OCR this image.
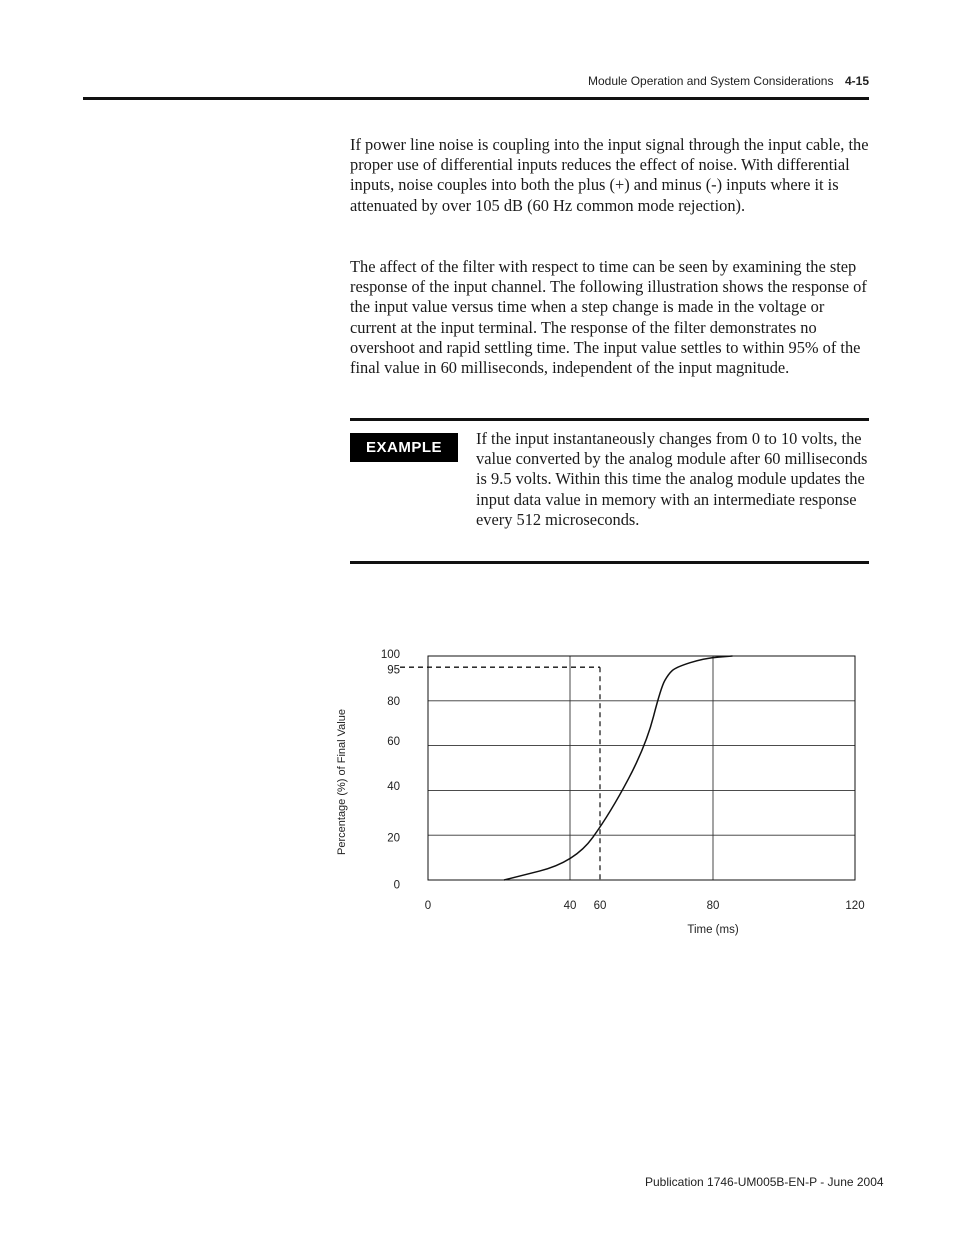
Module Operation and System Considerations 4-15

If power line noise is coupling into the input signal through the input cable, the proper use of differential inputs reduces the effect of noise. With differential inputs, noise couples into both the plus (+) and minus (-) inputs where it is attenuated by over 105 dB (60 Hz common mode rejection).

The affect of the filter with respect to time can be seen by examining the step response of the input channel. The following illustration shows the response of the input value versus time when a step change is made in the voltage or current at the input terminal. The response of the filter demonstrates no overshoot and rapid settling time. The input value settles to within 95% of the final value in 60 milliseconds, independent of the input magnitude.

EXAMPLE	If the input instantaneously changes from 0 to 10 volts, the value converted by the analog module after 60 milliseconds is 9.5 volts. Within this time the analog module updates the input data value in memory with an intermediate response every 512 microseconds.

0
20
40
60
80
95
100
0	40 60	80	120
Time (ms)
Percentage (%) of Final Value
Publication 1746-UM005B-EN-P - June 2004
